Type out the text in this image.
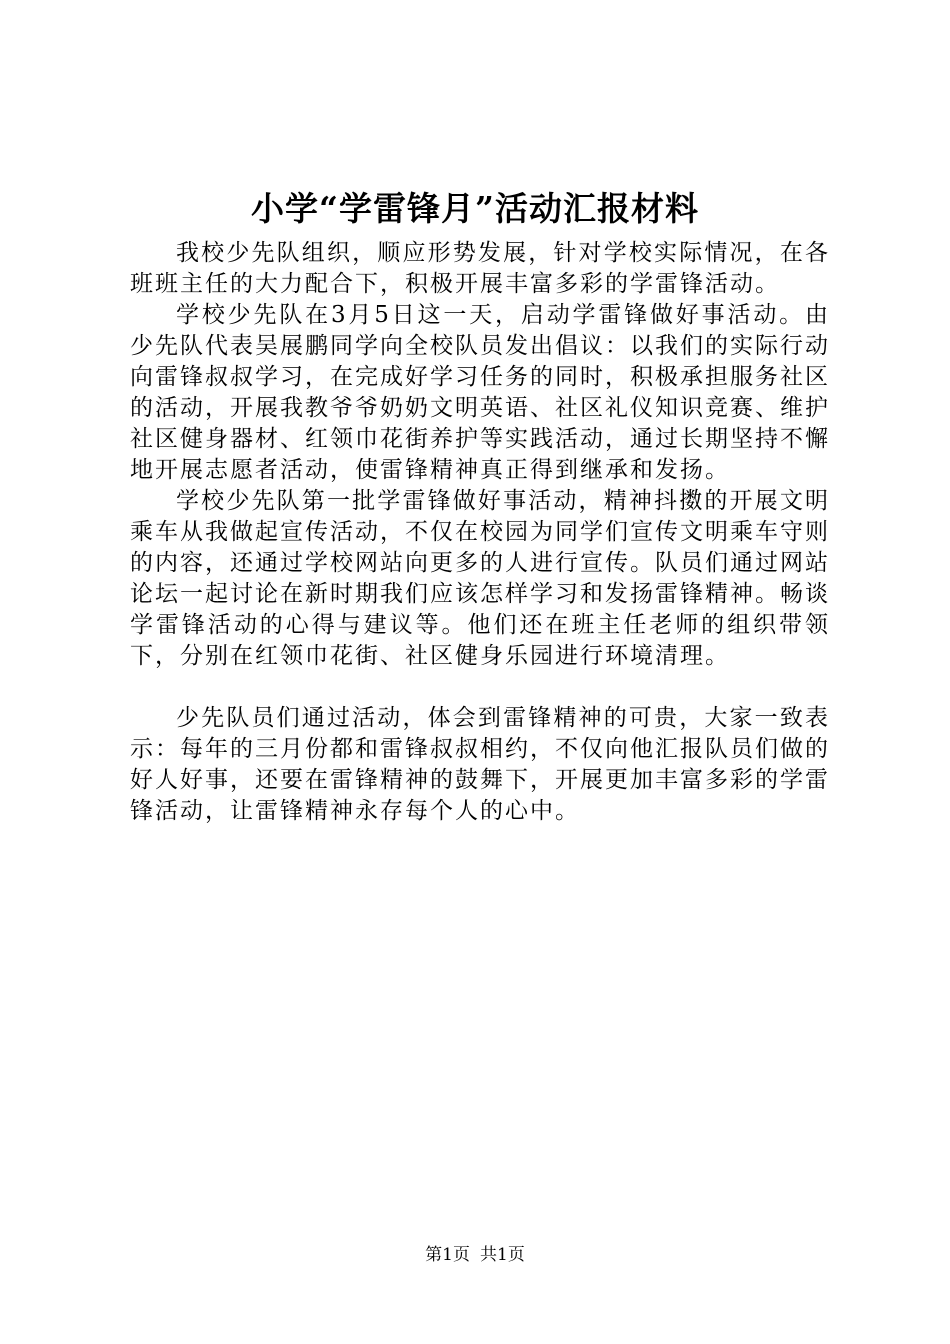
小学“学雷锋月”活动汇报材料

我校少先队组织，顺应形势发展，针对学校实际情况，在各班班主任的大力配合下，积极开展丰富多彩的学雷锋活动。

学校少先队在3月5日这一天，启动学雷锋做好事活动。由少先队代表吴展鹏同学向全校队员发出倡议：以我们的实际行动向雷锋叔叔学习，在完成好学习任务的同时，积极承担服务社区的活动，开展我教爷爷奶奶文明英语、社区礼仪知识竞赛、维护社区健身器材、红领巾花街养护等实践活动，通过长期坚持不懈地开展志愿者活动，使雷锋精神真正得到继承和发扬。

学校少先队第一批学雷锋做好事活动，精神抖擞的开展文明乘车从我做起宣传活动，不仅在校园为同学们宣传文明乘车守则的内容，还通过学校网站向更多的人进行宣传。队员们通过网站论坛一起讨论在新时期我们应该怎样学习和发扬雷锋精神。畅谈学雷锋活动的心得与建议等。他们还在班主任老师的组织带领下，分别在红领巾花街、社区健身乐园进行环境清理。

少先队员们通过活动，体会到雷锋精神的可贵，大家一致表示：每年的三月份都和雷锋叔叔相约，不仅向他汇报队员们做的好人好事，还要在雷锋精神的鼓舞下，开展更加丰富多彩的学雷锋活动，让雷锋精神永存每个人的心中。

第1页 共1页
